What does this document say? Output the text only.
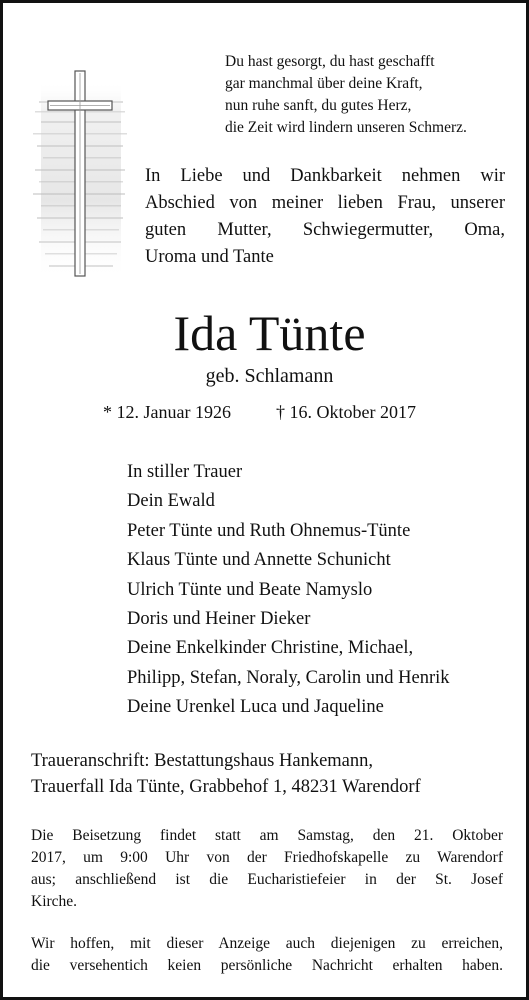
Du hast gesorgt, du hast geschafft
gar manchmal über deine Kraft,
nun ruhe sanft, du gutes Herz,
die Zeit wird lindern unseren Schmerz.
In Liebe und Dankbarkeit nehmen wir
Abschied von meiner lieben Frau, unserer
guten Mutter, Schwiegermutter, Oma,
Uroma und Tante
Ida Tünte
geb. Schlamann
* 12. Januar 1926	† 16. Oktober 2017
In stiller Trauer
Dein Ewald
Peter Tünte und Ruth Ohnemus-Tünte
Klaus Tünte und Annette Schunicht
Ulrich Tünte und Beate Namyslo
Doris und Heiner Dieker
Deine Enkelkinder Christine, Michael,
Philipp, Stefan, Noraly, Carolin und Henrik
Deine Urenkel Luca und Jaqueline
Traueranschrift: Bestattungshaus Hankemann,
Trauerfall Ida Tünte, Grabbehof 1, 48231 Warendorf
Die Beisetzung findet statt am Samstag, den 21. Oktober
2017, um 9:00 Uhr von der Friedhofskapelle zu Warendorf
aus; anschließend ist die Eucharistiefeier in der St. Josef
Kirche.
Wir hoffen, mit dieser Anzeige auch diejenigen zu erreichen,
die versehentich keien persönliche Nachricht erhalten haben.
